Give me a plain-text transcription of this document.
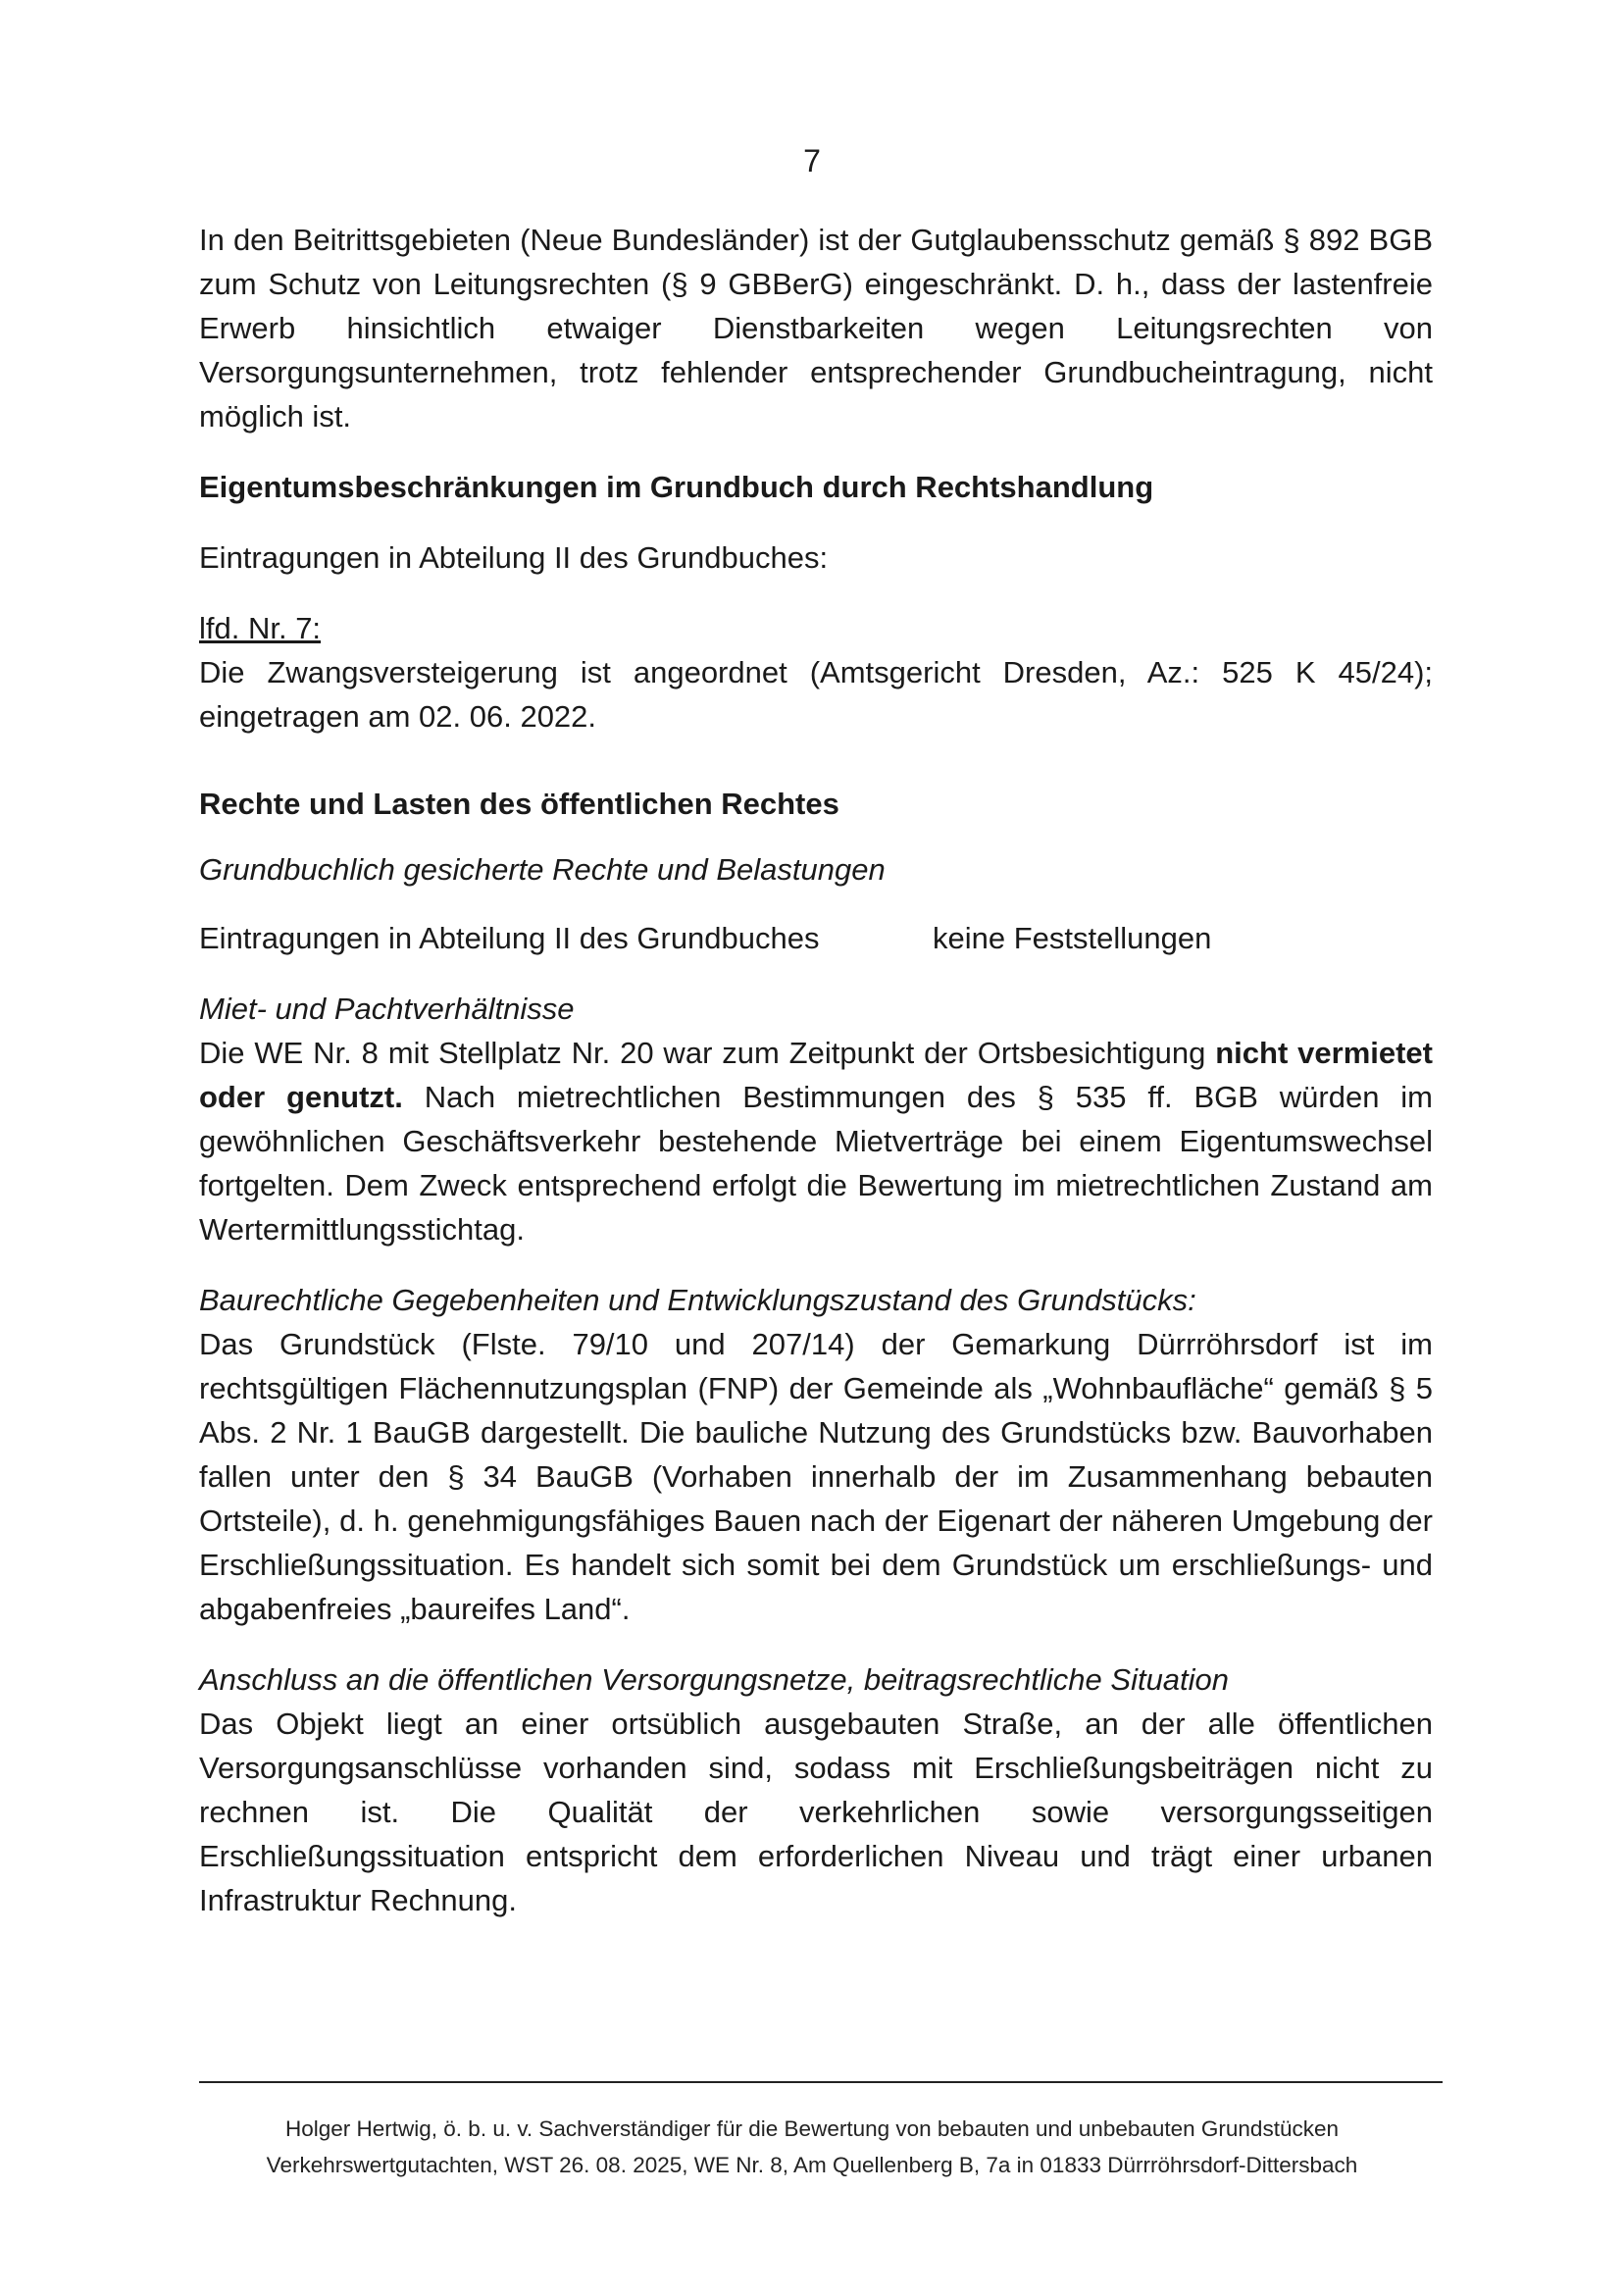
7

In den Beitrittsgebieten (Neue Bundesländer) ist der Gutglaubensschutz gemäß § 892 BGB zum Schutz von Leitungsrechten (§ 9 GBBerG) eingeschränkt. D. h., dass der lastenfreie Erwerb hinsichtlich etwaiger Dienstbarkeiten wegen Leitungsrechten von Versorgungsunternehmen, trotz fehlender entsprechender Grundbucheintragung, nicht möglich ist.

Eigentumsbeschränkungen im Grundbuch durch Rechtshandlung

Eintragungen in Abteilung II des Grundbuches:

lfd. Nr. 7:

Die Zwangsversteigerung ist angeordnet (Amtsgericht Dresden, Az.: 525 K 45/24); eingetragen am 02. 06. 2022.

Rechte und Lasten des öffentlichen Rechtes

Grundbuchlich gesicherte Rechte und Belastungen

Eintragungen in Abteilung II des Grundbuches	keine Feststellungen

Miet- und Pachtverhältnisse

Die WE Nr. 8 mit Stellplatz Nr. 20 war zum Zeitpunkt der Ortsbesichtigung nicht vermietet oder genutzt. Nach mietrechtlichen Bestimmungen des § 535 ff. BGB würden im gewöhnlichen Geschäftsverkehr bestehende Mietverträge bei einem Eigentumswechsel fortgelten. Dem Zweck entsprechend erfolgt die Bewertung im mietrechtlichen Zustand am Wertermittlungsstichtag.

Baurechtliche Gegebenheiten und Entwicklungszustand des Grundstücks:

Das Grundstück (Flste. 79/10 und 207/14) der Gemarkung Dürrröhrsdorf ist im rechtsgültigen Flächennutzungsplan (FNP) der Gemeinde als „Wohnbaufläche“ gemäß § 5 Abs. 2 Nr. 1 BauGB dargestellt. Die bauliche Nutzung des Grundstücks bzw. Bauvorhaben fallen unter den § 34 BauGB (Vorhaben innerhalb der im Zusammenhang bebauten Ortsteile), d. h. genehmigungsfähiges Bauen nach der Eigenart der näheren Umgebung der Erschließungssituation. Es handelt sich somit bei dem Grundstück um erschließungs- und abgabenfreies „baureifes Land“.

Anschluss an die öffentlichen Versorgungsnetze, beitragsrechtliche Situation

Das Objekt liegt an einer ortsüblich ausgebauten Straße, an der alle öffentlichen Versorgungsanschlüsse vorhanden sind, sodass mit Erschließungsbeiträgen nicht zu rechnen ist. Die Qualität der verkehrlichen sowie versorgungsseitigen Erschließungssituation entspricht dem erforderlichen Niveau und trägt einer urbanen Infrastruktur Rechnung.

Holger Hertwig, ö. b. u. v. Sachverständiger für die Bewertung von bebauten und unbebauten Grundstücken
Verkehrswertgutachten, WST 26. 08. 2025, WE Nr. 8, Am Quellenberg B, 7a in 01833 Dürrröhrsdorf-Dittersbach
